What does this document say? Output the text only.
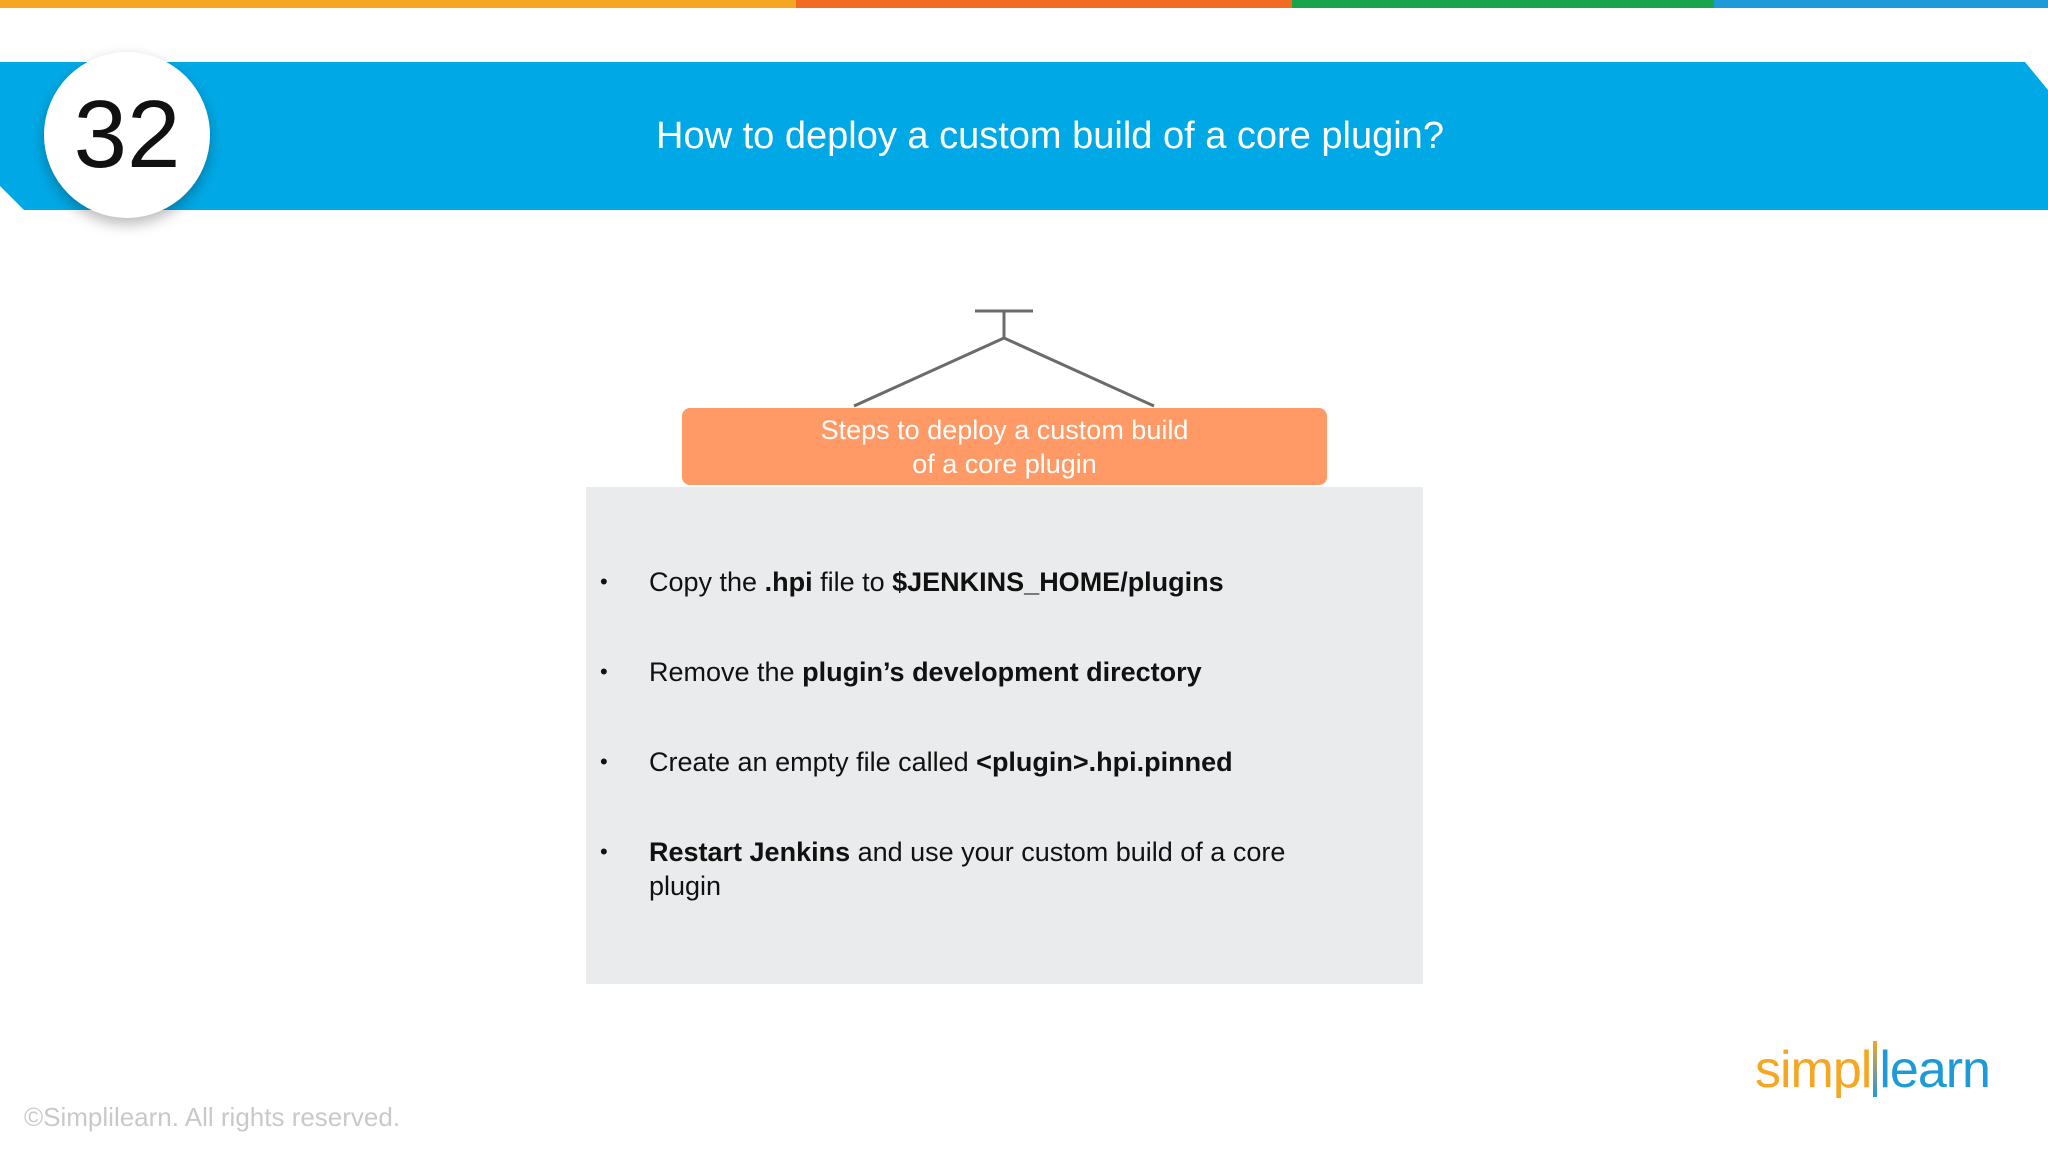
How to deploy a custom build of a core plugin?
32
Steps to deploy a custom build
of a core plugin
• Copy the .hpi file to $JENKINS_HOME/plugins
• Remove the plugin’s development directory
• Create an empty file called <plugin>.hpi.pinned
• Restart Jenkins and use your custom build of a core plugin
©Simplilearn. All rights reserved.
simpl learn
